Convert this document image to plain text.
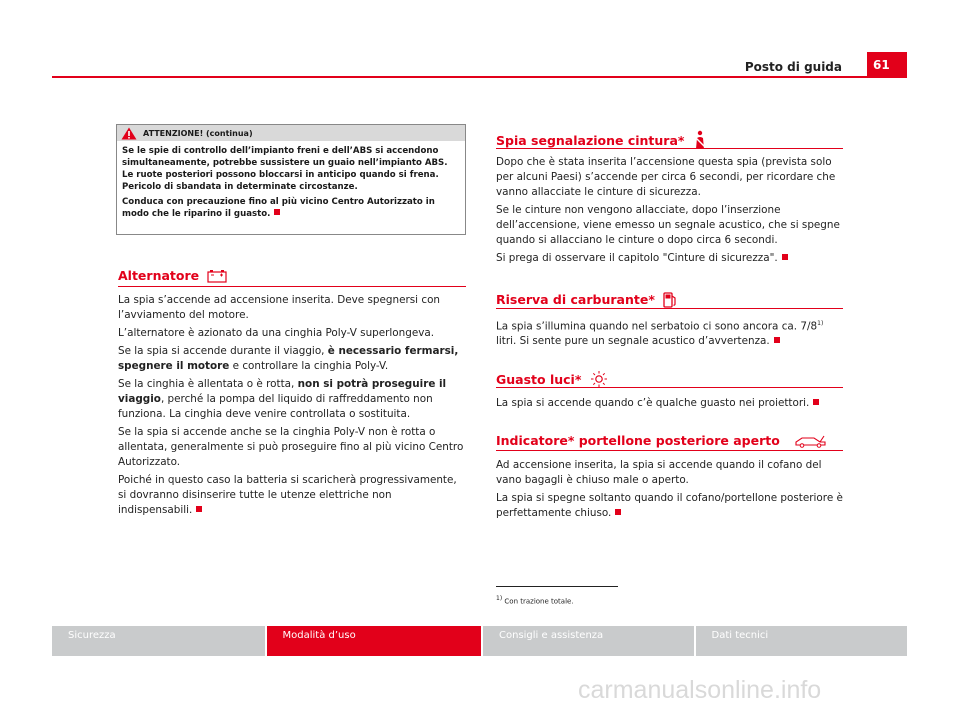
Posto di guida	61
ATTENZIONE! (continua)

Se le spie di controllo dell’impianto freni e dell’ABS si accendono simultaneamente, potrebbe sussistere un guaio nell’impianto ABS. Le ruote posteriori possono bloccarsi in anticipo quando si frena. Pericolo di sbandata in determinate circostanze.

Conduca con precauzione fino al più vicino Centro Autorizzato in modo che le riparino il guasto.

Alternatore

La spia s’accende ad accensione inserita. Deve spegnersi con l’avviamento del motore.

L’alternatore è azionato da una cinghia Poly-V superlongeva.

Se la spia si accende durante il viaggio, è necessario fermarsi, spegnere il motore e controllare la cinghia Poly-V.

Se la cinghia è allentata o è rotta, non si potrà proseguire il viaggio, perché la pompa del liquido di raffreddamento non funziona. La cinghia deve venire controllata o sostituita.

Se la spia si accende anche se la cinghia Poly-V non è rotta o allentata, generalmente si può proseguire fino al più vicino Centro Autorizzato.

Poiché in questo caso la batteria si scaricherà progressivamente, si dovranno disinserire tutte le utenze elettriche non indispensabili.

Spia segnalazione cintura*

Dopo che è stata inserita l’accensione questa spia (prevista solo per alcuni Paesi) s’accende per circa 6 secondi, per ricordare che vanno allacciate le cinture di sicurezza.

Se le cinture non vengono allacciate, dopo l’inserzione dell’accensione, viene emesso un segnale acustico, che si spegne quando si allacciano le cinture o dopo circa 6 secondi.

Si prega di osservare il capitolo "Cinture di sicurezza".

Riserva di carburante*

La spia s’illumina quando nel serbatoio ci sono ancora ca. 7/8$^{1)}$ litri. Si sente pure un segnale acustico d’avvertenza.

Guasto luci*

La spia si accende quando c’è qualche guasto nei proiettori.

Indicatore* portellone posteriore aperto

Ad accensione inserita, la spia si accende quando il cofano del vano bagagli è chiuso male o aperto.

La spia si spegne soltanto quando il cofano/portellone posteriore è perfettamente chiuso.

$^{1)}$ Con trazione totale.
Sicurezza	Modalità d’uso	Consigli e assistenza	Dati tecnici
carmanualsonline.info
